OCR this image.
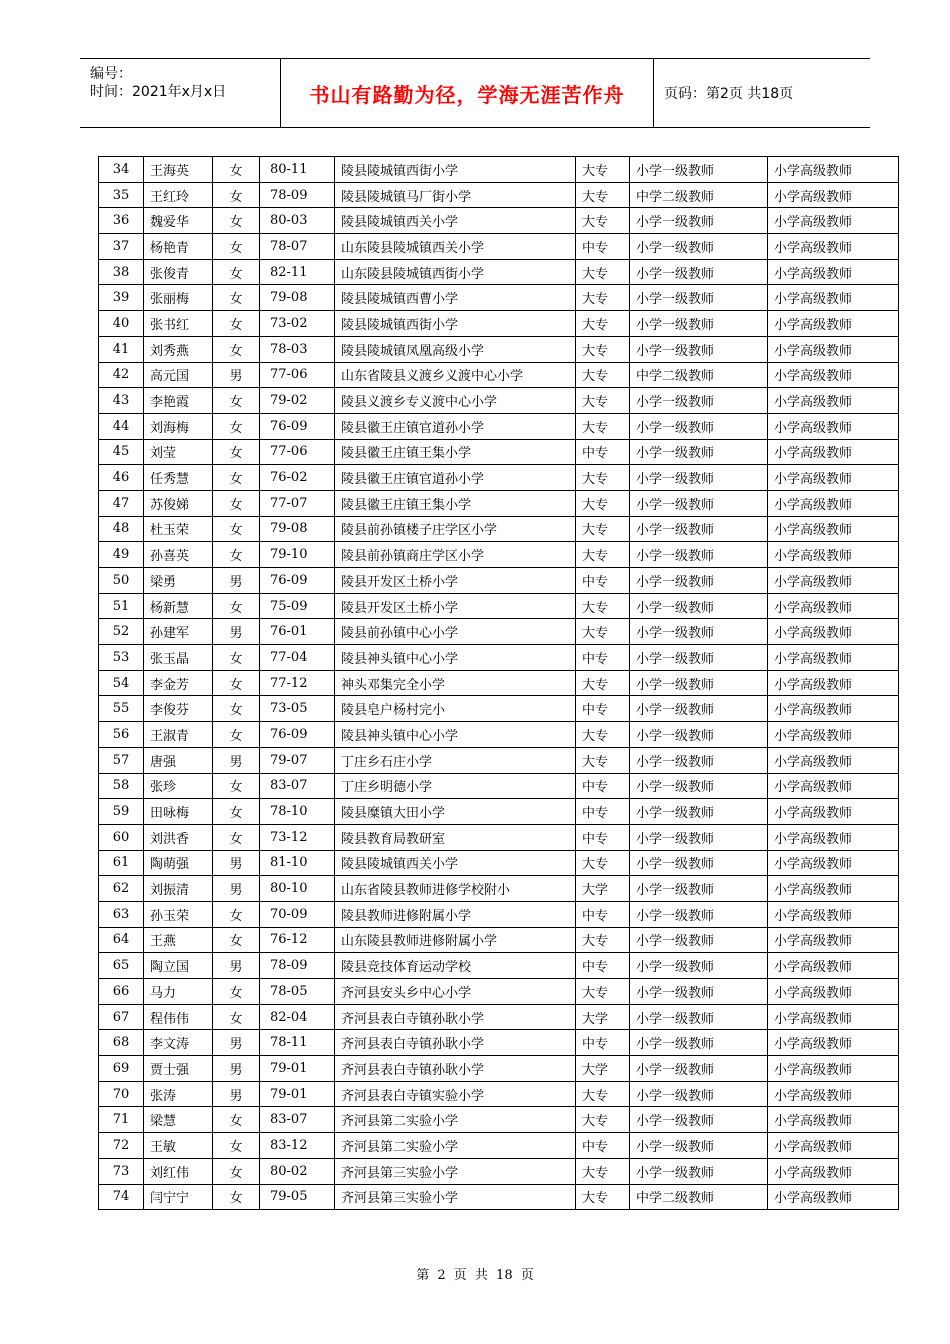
编号：
时间：2021年x月x日	书山有路勤为径，学海无涯苦作舟	页码：第2页 共18页
34	王海英	女	80-11	陵县陵城镇西街小学	大专	小学一级教师	小学高级教师
35	王红玲	女	78-09	陵县陵城镇马厂街小学	大专	中学二级教师	小学高级教师
36	魏爱华	女	80-03	陵县陵城镇西关小学	大专	小学一级教师	小学高级教师
37	杨艳青	女	78-07	山东陵县陵城镇西关小学	中专	小学一级教师	小学高级教师
38	张俊青	女	82-11	山东陵县陵城镇西街小学	大专	小学一级教师	小学高级教师
39	张丽梅	女	79-08	陵县陵城镇西曹小学	大专	小学一级教师	小学高级教师
40	张书红	女	73-02	陵县陵城镇西街小学	大专	小学一级教师	小学高级教师
41	刘秀燕	女	78-03	陵县陵城镇凤凰高级小学	大专	小学一级教师	小学高级教师
42	高元国	男	77-06	山东省陵县义渡乡义渡中心小学	大专	中学二级教师	小学高级教师
43	李艳霞	女	79-02	陵县义渡乡专义渡中心小学	大专	小学一级教师	小学高级教师
44	刘海梅	女	76-09	陵县徽王庄镇官道孙小学	大专	小学一级教师	小学高级教师
45	刘莹	女	77-06	陵县徽王庄镇王集小学	中专	小学一级教师	小学高级教师
46	任秀慧	女	76-02	陵县徽王庄镇官道孙小学	大专	小学一级教师	小学高级教师
47	苏俊娣	女	77-07	陵县徽王庄镇王集小学	大专	小学一级教师	小学高级教师
48	杜玉荣	女	79-08	陵县前孙镇楼子庄学区小学	大专	小学一级教师	小学高级教师
49	孙喜英	女	79-10	陵县前孙镇商庄学区小学	大专	小学一级教师	小学高级教师
50	梁勇	男	76-09	陵县开发区土桥小学	中专	小学一级教师	小学高级教师
51	杨新慧	女	75-09	陵县开发区土桥小学	大专	小学一级教师	小学高级教师
52	孙建军	男	76-01	陵县前孙镇中心小学	大专	小学一级教师	小学高级教师
53	张玉晶	女	77-04	陵县神头镇中心小学	中专	小学一级教师	小学高级教师
54	李金芳	女	77-12	神头邓集完全小学	大专	小学一级教师	小学高级教师
55	李俊芬	女	73-05	陵县皂户杨村完小	中专	小学一级教师	小学高级教师
56	王淑青	女	76-09	陵县神头镇中心小学	大专	小学一级教师	小学高级教师
57	唐强	男	79-07	丁庄乡石庄小学	大专	小学一级教师	小学高级教师
58	张珍	女	83-07	丁庄乡明德小学	中专	小学一级教师	小学高级教师
59	田咏梅	女	78-10	陵县糜镇大田小学	中专	小学一级教师	小学高级教师
60	刘洪香	女	73-12	陵县教育局教研室	中专	小学一级教师	小学高级教师
61	陶萌强	男	81-10	陵县陵城镇西关小学	大专	小学一级教师	小学高级教师
62	刘振清	男	80-10	山东省陵县教师进修学校附小	大学	小学一级教师	小学高级教师
63	孙玉荣	女	70-09	陵县教师进修附属小学	中专	小学一级教师	小学高级教师
64	王燕	女	76-12	山东陵县教师进修附属小学	大专	小学一级教师	小学高级教师
65	陶立国	男	78-09	陵县竞技体育运动学校	中专	小学一级教师	小学高级教师
66	马力	女	78-05	齐河县安头乡中心小学	大专	小学一级教师	小学高级教师
67	程伟伟	女	82-04	齐河县表白寺镇孙耿小学	大学	小学一级教师	小学高级教师
68	李文涛	男	78-11	齐河县表白寺镇孙耿小学	中专	小学一级教师	小学高级教师
69	贾士强	男	79-01	齐河县表白寺镇孙耿小学	大学	小学一级教师	小学高级教师
70	张涛	男	79-01	齐河县表白寺镇实验小学	大专	小学一级教师	小学高级教师
71	梁慧	女	83-07	齐河县第二实验小学	大专	小学一级教师	小学高级教师
72	王敏	女	83-12	齐河县第二实验小学	中专	小学一级教师	小学高级教师
73	刘红伟	女	80-02	齐河县第三实验小学	大专	小学一级教师	小学高级教师
74	闫宁宁	女	79-05	齐河县第三实验小学	大专	中学二级教师	小学高级教师
第 2 页 共 18 页
